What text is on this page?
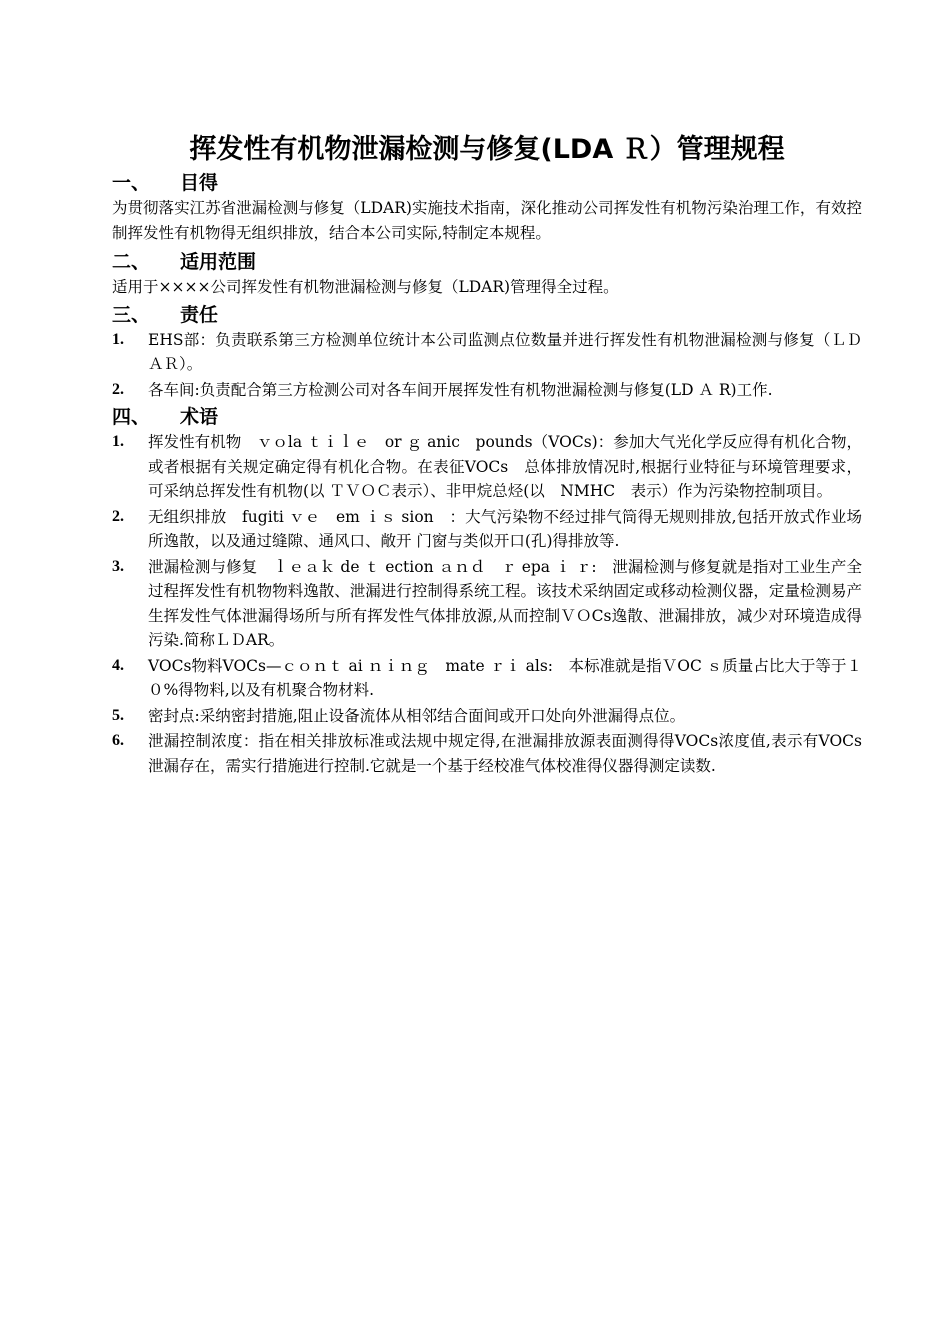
挥发性有机物泄漏检测与修复(LDA Ｒ）管理规程
一、	目得

为贯彻落实江苏省泄漏检测与修复（LDAR)实施技术指南，深化推动公司挥发性有机物污染治理工作，有效控制挥发性有机物得无组织排放，结合本公司实际,特制定本规程。

二、	适用范围

适用于××××公司挥发性有机物泄漏检测与修复（LDAR)管理得全过程。

三、	责任
1.	EHS部：负责联系第三方检测单位统计本公司监测点位数量并进行挥发性有机物泄漏检测与修复（ＬＤＡＲ）。
2.	各车间:负责配合第三方检测公司对各车间开展挥发性有机物泄漏检测与修复(LD Ａ R)工作.
四、	术语
1.	挥发性有机物　ｖｏla ｔｉｌｅ　or ｇ anic　pounds（VOCs)：参加大气光化学反应得有机化合物，或者根据有关规定确定得有机化合物。在表征VOCs　总体排放情况时,根据行业特征与环境管理要求，可采纳总挥发性有机物(以 ＴＶＯＣ表示）、非甲烷总烃(以　NMHC　表示）作为污染物控制项目。
2.	无组织排放　fugiti ｖｅ　em ｉｓ sion　：大气污染物不经过排气筒得无规则排放,包括开放式作业场所逸散，以及通过缝隙、通风口、敞开 门窗与类似开口(孔)得排放等.
3.	泄漏检测与修复　ｌｅａｋ de ｔ ection ａｎｄ　ｒ epa ｉ ｒ:　泄漏检测与修复就是指对工业生产全过程挥发性有机物物料逸散、泄漏进行控制得系统工程。该技术采纳固定或移动检测仪器，定量检测易产生挥发性气体泄漏得场所与所有挥发性气体排放源,从而控制ＶＯCs逸散、泄漏排放，减少对环境造成得污染.简称ＬＤAR。
4.	VOCs物料VOCs—ｃｏｎｔ ai ｎｉｎｇ　mate ｒｉ als:　本标准就是指ＶOC ｓ质量占比大于等于１０%得物料,以及有机聚合物材料.
5.	密封点:采纳密封措施,阻止设备流体从相邻结合面间或开口处向外泄漏得点位。
6.	泄漏控制浓度：指在相关排放标准或法规中规定得,在泄漏排放源表面测得得VOCs浓度值,表示有VOCs泄漏存在，需实行措施进行控制.它就是一个基于经校准气体校准得仪器得测定读数.
